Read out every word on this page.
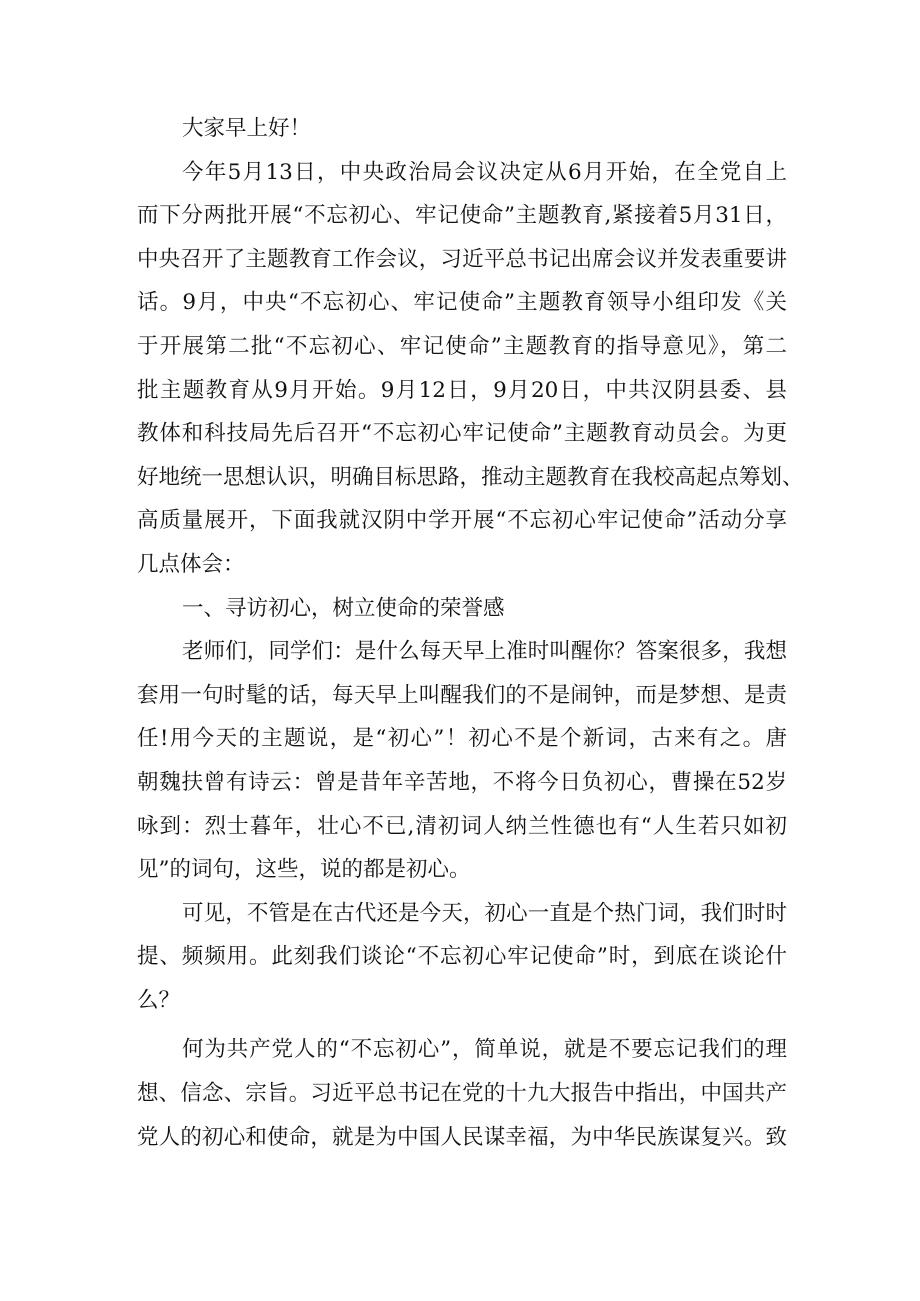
大家早上好！
今年5月13日，中央政治局会议决定从6月开始，在全党自上
而下分两批开展“不忘初心、牢记使命”主题教育,紧接着5月31日，
中央召开了主题教育工作会议，习近平总书记出席会议并发表重要讲
话。9月，中央“不忘初心、牢记使命”主题教育领导小组印发《关
于开展第二批“不忘初心、牢记使命”主题教育的指导意见》，第二
批主题教育从9月开始。9月12日，9月20日，中共汉阴县委、县
教体和科技局先后召开“不忘初心牢记使命”主题教育动员会。为更
好地统一思想认识，明确目标思路，推动主题教育在我校高起点筹划、
高质量展开，下面我就汉阴中学开展“不忘初心牢记使命”活动分享
几点体会：
一、寻访初心，树立使命的荣誉感
老师们，同学们：是什么每天早上准时叫醒你？答案很多，我想
套用一句时髦的话，每天早上叫醒我们的不是闹钟，而是梦想、是责
任!用今天的主题说，是“初心”！初心不是个新词，古来有之。唐
朝魏扶曾有诗云：曾是昔年辛苦地，不将今日负初心，曹操在52岁
咏到：烈士暮年，壮心不已,清初词人纳兰性德也有“人生若只如初
见”的词句，这些，说的都是初心。
可见，不管是在古代还是今天，初心一直是个热门词，我们时时
提、频频用。此刻我们谈论“不忘初心牢记使命”时，到底在谈论什
么？
何为共产党人的“不忘初心”，简单说，就是不要忘记我们的理
想、信念、宗旨。习近平总书记在党的十九大报告中指出，中国共产
党人的初心和使命，就是为中国人民谋幸福，为中华民族谋复兴。致
